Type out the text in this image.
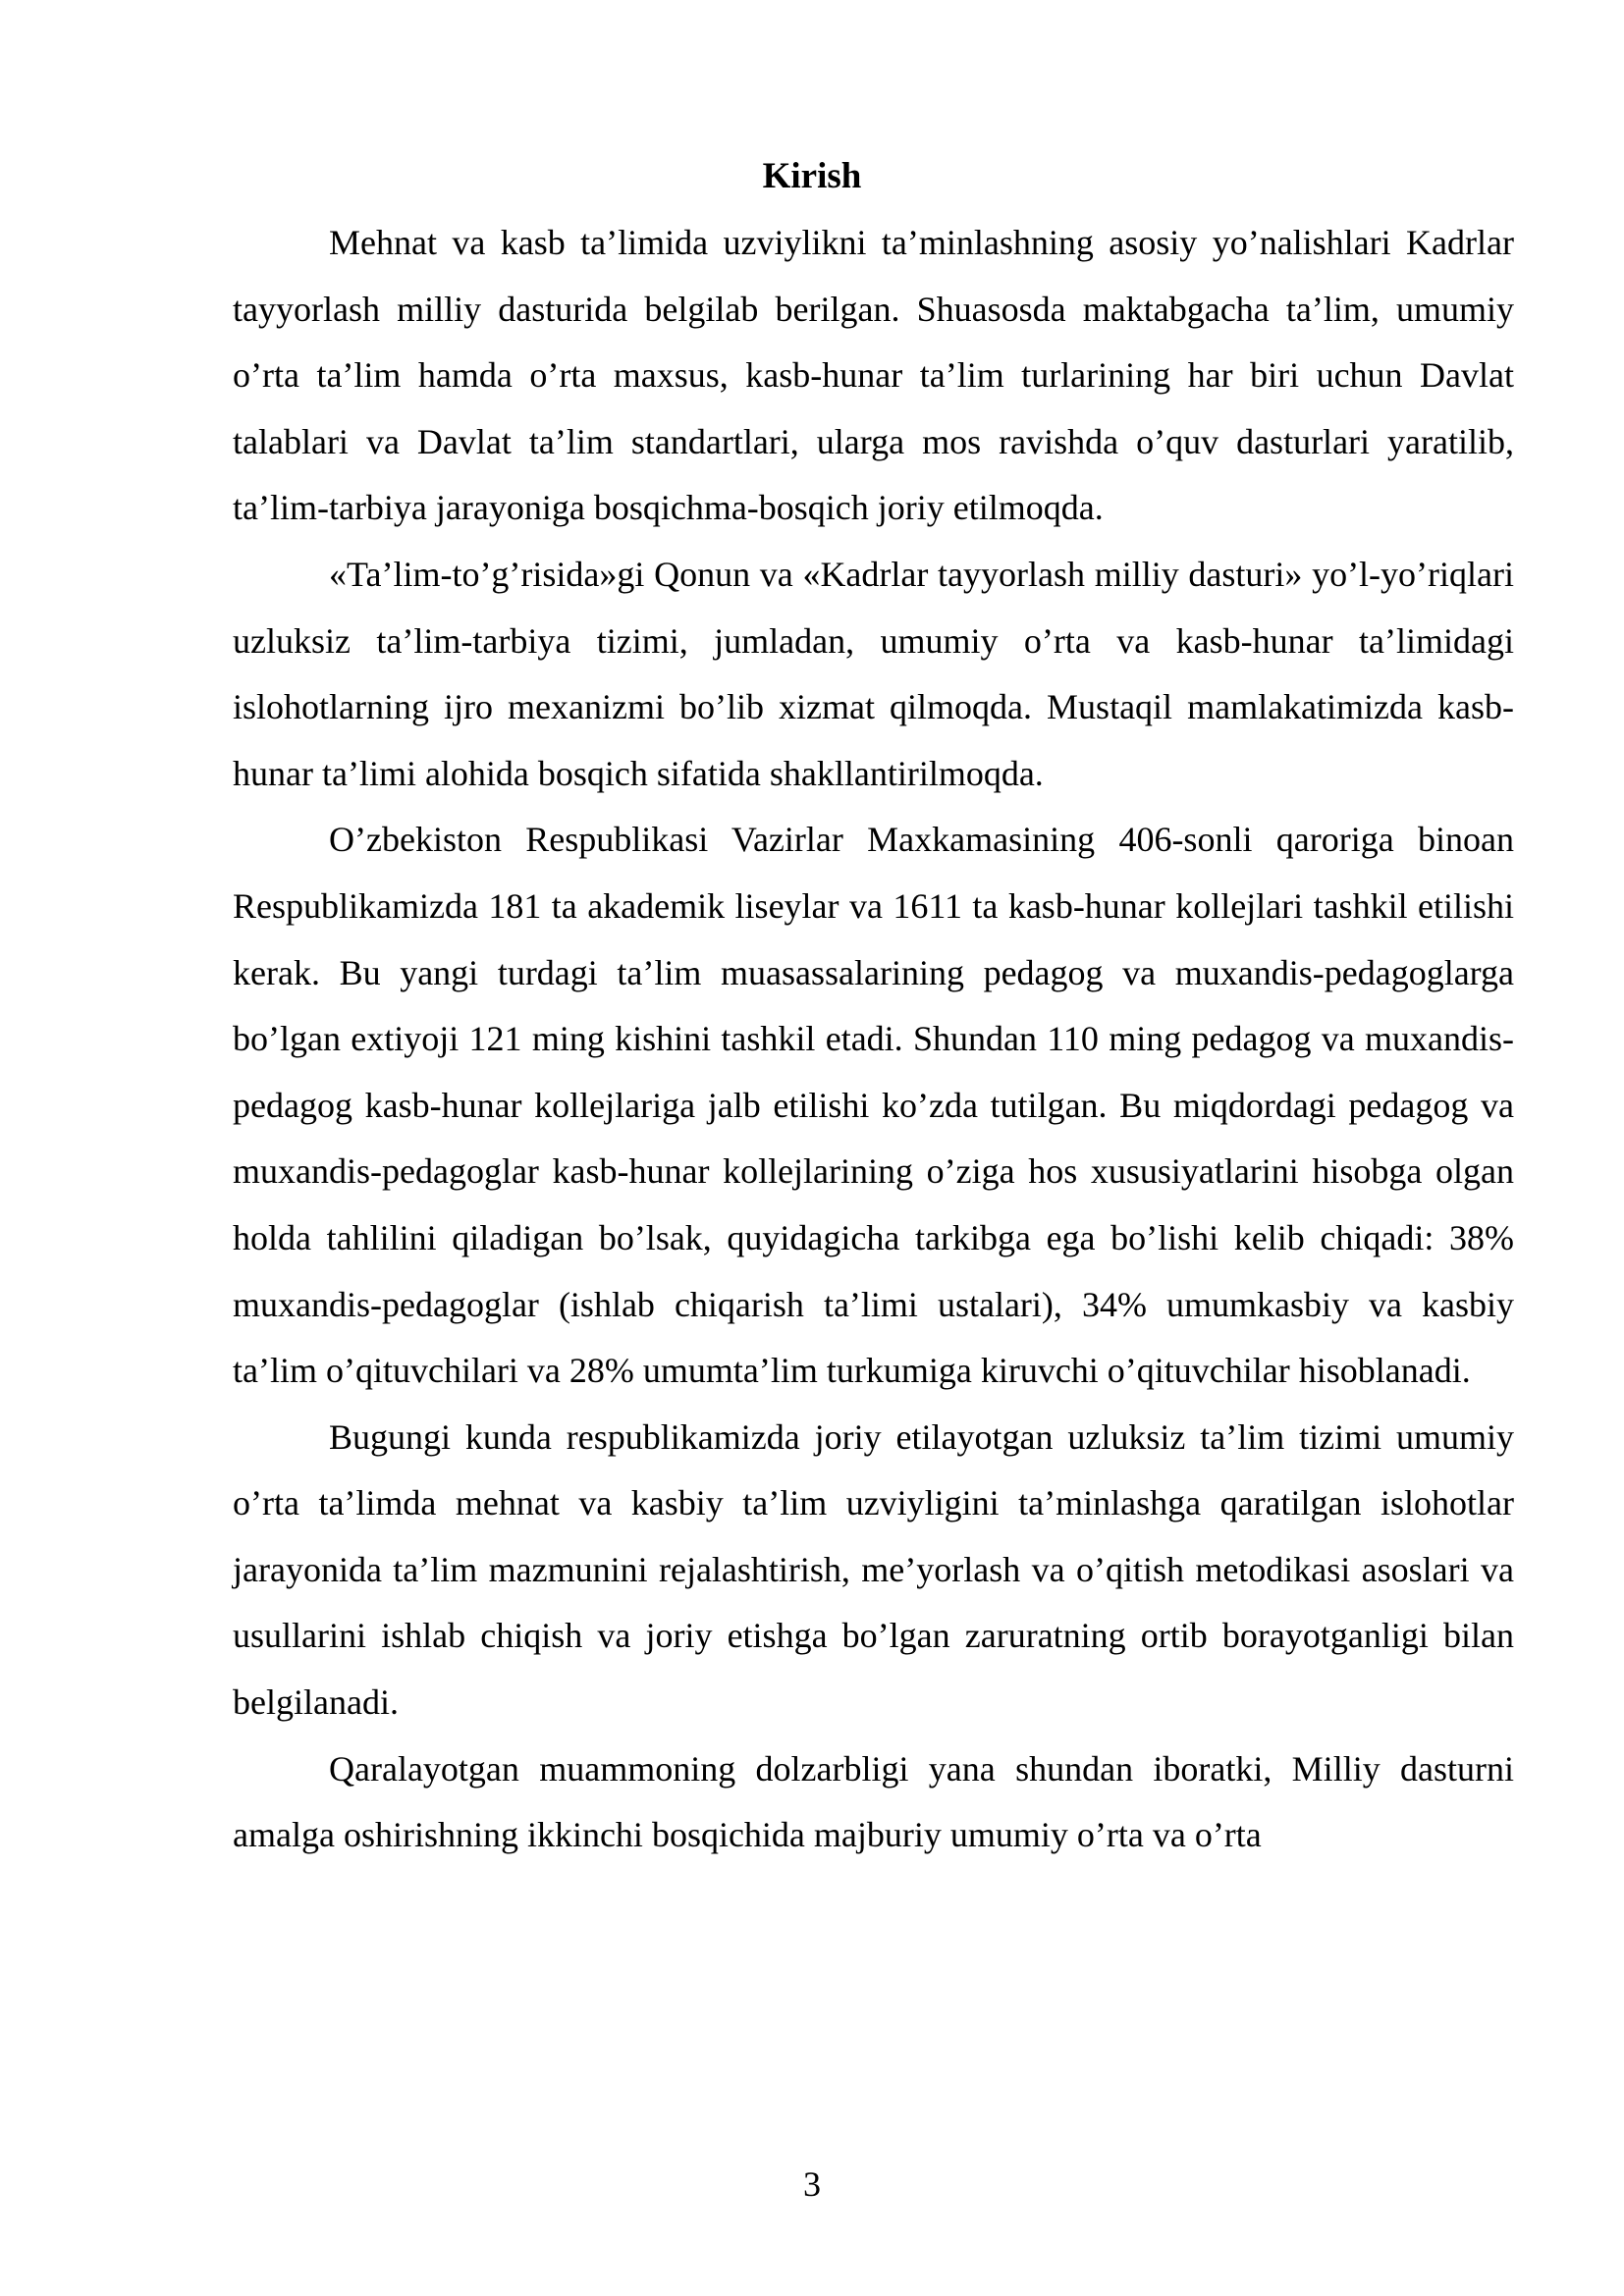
Kirish

Mehnat va kasb ta’limida uzviylikni ta’minlashning asosiy yo’nalishlari Kadrlar tayyorlash milliy dasturida belgilab berilgan. Shuasosda maktabgacha ta’lim, umumiy o’rta ta’lim hamda o’rta maxsus, kasb-hunar ta’lim turlarining har biri uchun Davlat talablari va Davlat ta’lim standartlari, ularga mos ravishda o’quv dasturlari yaratilib, ta’lim-tarbiya jarayoniga bosqichma-bosqich joriy etilmoqda.

«Ta’lim-to’g’risida»gi Qonun va «Kadrlar tayyorlash milliy dasturi» yo’l-yo’riqlari uzluksiz ta’lim-tarbiya tizimi, jumladan, umumiy o’rta va kasb-hunar ta’limidagi islohotlarning ijro mexanizmi bo’lib xizmat qilmoqda. Mustaqil mamlakatimizda kasb-hunar ta’limi alohida bosqich sifatida shakllantirilmoqda.

O’zbekiston Respublikasi Vazirlar Maxkamasining 406-sonli qaroriga binoan Respublikamizda 181 ta akademik liseylar va 1611 ta kasb-hunar kollejlari tashkil etilishi kerak. Bu yangi turdagi ta’lim muasassalarining pedagog va muxandis-pedagoglarga bo’lgan extiyoji 121 ming kishini tashkil etadi. Shundan 110 ming pedagog va muxandis-pedagog kasb-hunar kollejlariga jalb etilishi ko’zda tutilgan. Bu miqdordagi pedagog va muxandis-pedagoglar kasb-hunar kollejlarining o’ziga hos xususiyatlarini hisobga olgan holda tahlilini qiladigan bo’lsak, quyidagicha tarkibga ega bo’lishi kelib chiqadi: 38% muxandis-pedagoglar (ishlab chiqarish ta’limi ustalari), 34% umumkasbiy va kasbiy ta’lim o’qituvchilari va 28% umumta’lim turkumiga kiruvchi o’qituvchilar hisoblanadi.

Bugungi kunda respublikamizda joriy etilayotgan uzluksiz ta’lim tizimi umumiy o’rta ta’limda mehnat va kasbiy ta’lim uzviyligini ta’minlashga qaratilgan islohotlar jarayonida ta’lim mazmunini rejalashtirish, me’yorlash va o’qitish metodikasi asoslari va usullarini ishlab chiqish va joriy etishga bo’lgan zaruratning ortib borayotganligi bilan belgilanadi.

Qaralayotgan muammoning dolzarbligi yana shundan iboratki, Milliy dasturni amalga oshirishning ikkinchi bosqichida majburiy umumiy o’rta va o’rta

3
